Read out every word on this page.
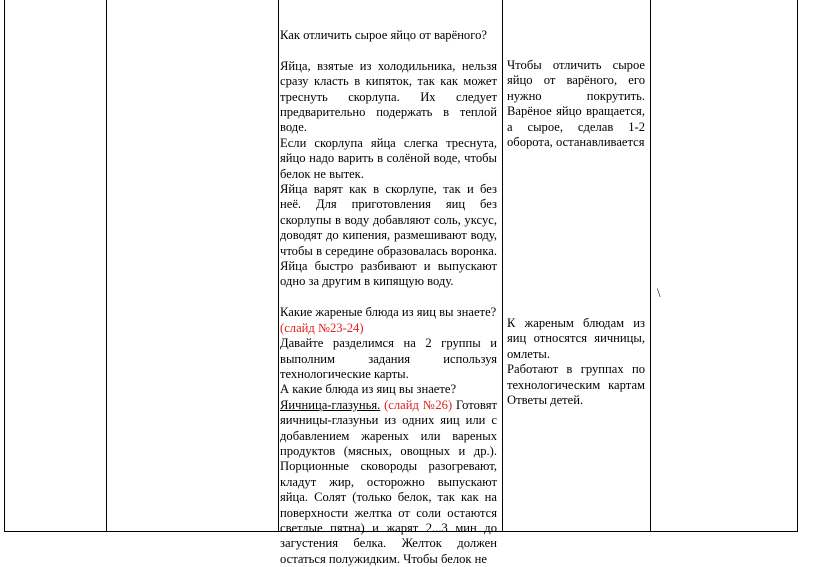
Как отличить сырое яйцо от варёного?

Яйца, взятые из холодильника, нельзя сразу класть в кипяток, так как может треснуть скорлупа. Их следует предварительно подержать в теплой воде.

Если скорлупа яйца слегка треснута, яйцо надо варить в солёной воде, чтобы белок не вытек.

Яйца варят как в скорлупе, так и без неё. Для приготовления яиц без скорлупы в воду добавляют соль, уксус, доводят до кипения, размешивают воду, чтобы в середине образовалась воронка. Яйца быстро разбивают и выпускают одно за другим в кипящую воду.

Какие жареные блюда из яиц вы знаете?
(слайд №23-24)

Давайте разделимся на 2 группы и выполним задания используя технологические карты.

А какие блюда из яиц вы знаете?

Яичница-глазунья. (слайд №26) Готовят яичницы-глазуньи из одних яиц или с добавлением жареных или вареных продуктов (мясных, овощных и др.). Порционные сковороды разогревают, кладут жир, осторожно выпускают яйца. Солят (только белок, так как на поверхности желтка от соли остаются светлые пятна) и жарят 2...3 мин до загустения белка. Желток должен остаться полужидким. Чтобы белок не

Чтобы отличить сырое яйцо от варёного, его нужно покрутить. Варёное яйцо вращается, а сырое, сделав 1-2 оборота, останавливается

К жареным блюдам из яиц относятся яичницы, омлеты.

Работают в группах по технологическим картам Ответы детей.

\
